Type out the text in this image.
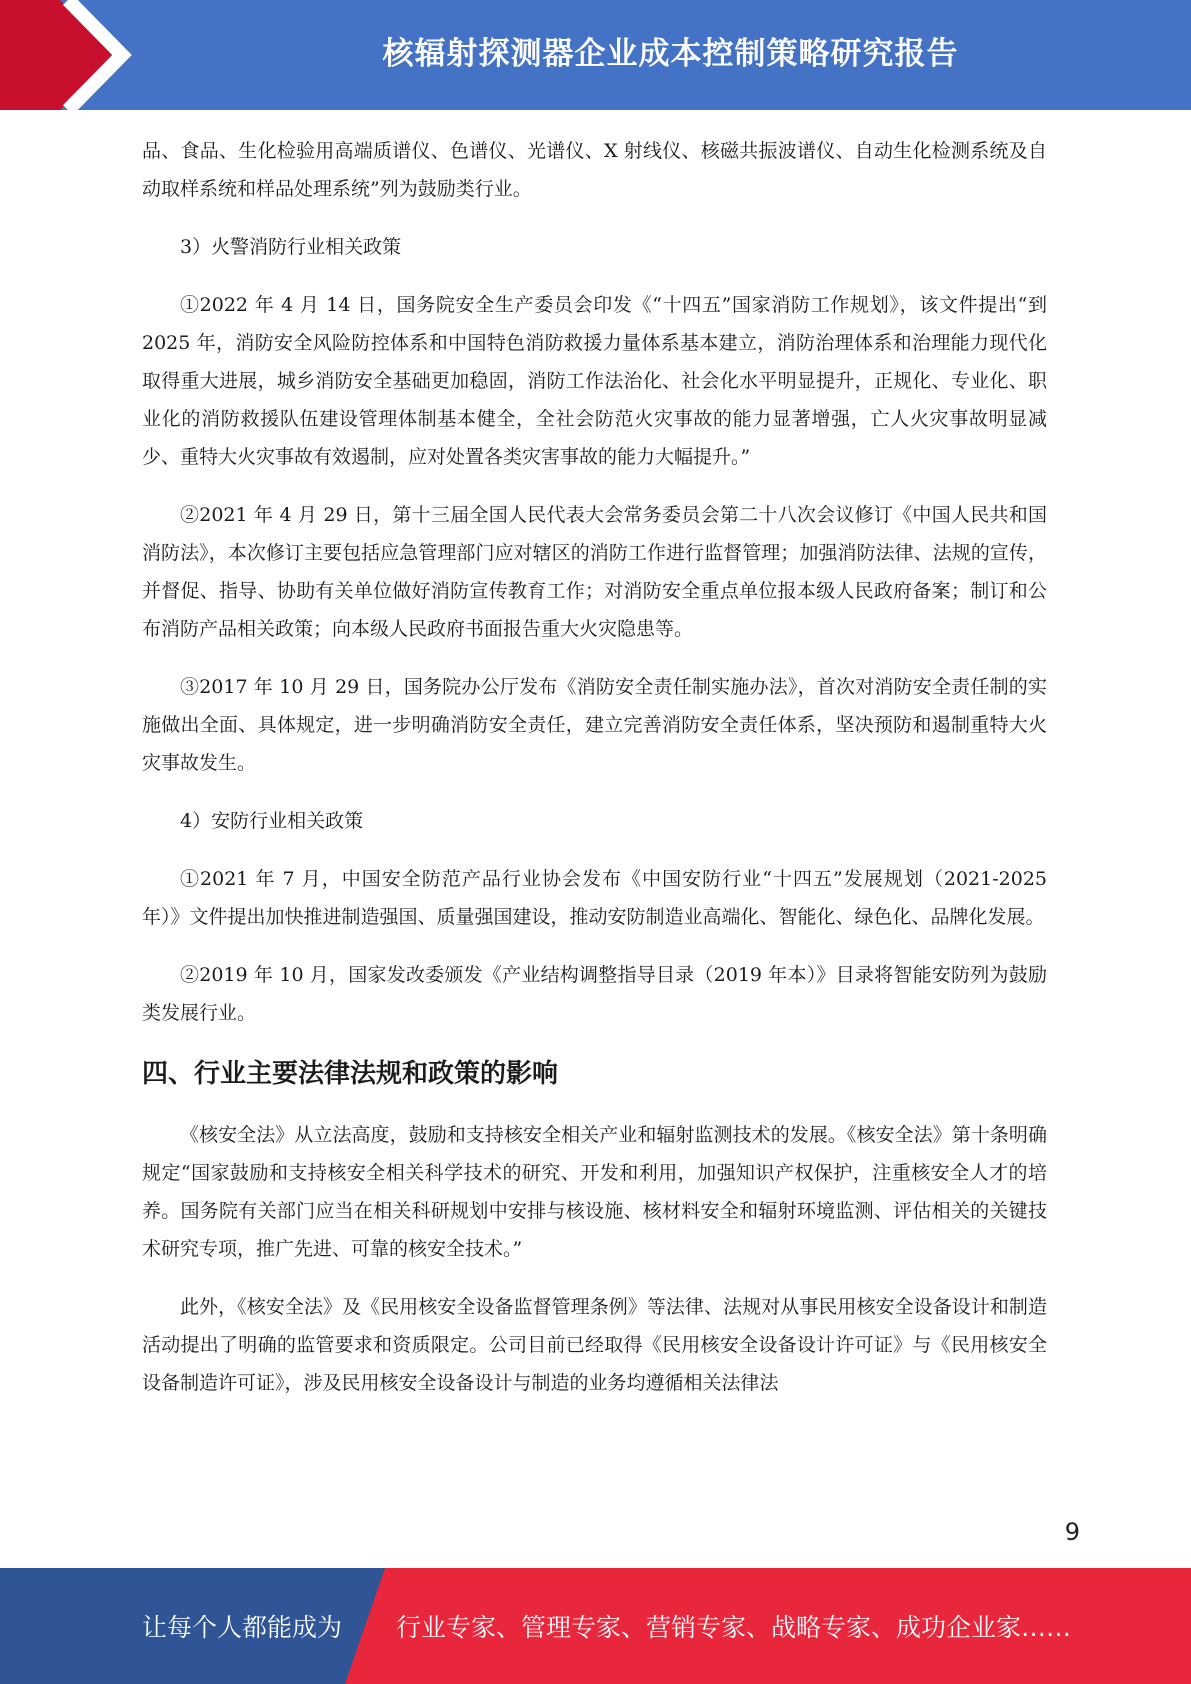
核辐射探测器企业成本控制策略研究报告

品、食品、生化检验用高端质谱仪、色谱仪、光谱仪、X 射线仪、核磁共振波谱仪、自动生化检测系统及自动取样系统和样品处理系统”列为鼓励类行业。

3）火警消防行业相关政策

①2022 年 4 月 14 日，国务院安全生产委员会印发《“十四五”国家消防工作规划》，该文件提出“到 2025 年，消防安全风险防控体系和中国特色消防救援力量体系基本建立，消防治理体系和治理能力现代化取得重大进展，城乡消防安全基础更加稳固，消防工作法治化、社会化水平明显提升，正规化、专业化、职业化的消防救援队伍建设管理体制基本健全，全社会防范火灾事故的能力显著增强，亡人火灾事故明显减少、重特大火灾事故有效遏制，应对处置各类灾害事故的能力大幅提升。”

②2021 年 4 月 29 日，第十三届全国人民代表大会常务委员会第二十八次会议修订《中国人民共和国消防法》，本次修订主要包括应急管理部门应对辖区的消防工作进行监督管理；加强消防法律、法规的宣传，并督促、指导、协助有关单位做好消防宣传教育工作；对消防安全重点单位报本级人民政府备案；制订和公布消防产品相关政策；向本级人民政府书面报告重大火灾隐患等。

③2017 年 10 月 29 日，国务院办公厅发布《消防安全责任制实施办法》，首次对消防安全责任制的实施做出全面、具体规定，进一步明确消防安全责任，建立完善消防安全责任体系，坚决预防和遏制重特大火灾事故发生。

4）安防行业相关政策

①2021 年 7 月，中国安全防范产品行业协会发布《中国安防行业“十四五”发展规划（2021-2025 年）》文件提出加快推进制造强国、质量强国建设，推动安防制造业高端化、智能化、绿色化、品牌化发展。

②2019 年 10 月，国家发改委颁发《产业结构调整指导目录（2019 年本）》目录将智能安防列为鼓励类发展行业。

四、行业主要法律法规和政策的影响

《核安全法》从立法高度，鼓励和支持核安全相关产业和辐射监测技术的发展。《核安全法》第十条明确规定“国家鼓励和支持核安全相关科学技术的研究、开发和利用，加强知识产权保护，注重核安全人才的培养。国务院有关部门应当在相关科研规划中安排与核设施、核材料安全和辐射环境监测、评估相关的关键技术研究专项，推广先进、可靠的核安全技术。”

此外，《核安全法》及《民用核安全设备监督管理条例》等法律、法规对从事民用核安全设备设计和制造活动提出了明确的监管要求和资质限定。公司目前已经取得《民用核安全设备设计许可证》与《民用核安全设备制造许可证》，涉及民用核安全设备设计与制造的业务均遵循相关法律法

9
让每个人都能成为 行业专家、管理专家、营销专家、战略专家、成功企业家……
